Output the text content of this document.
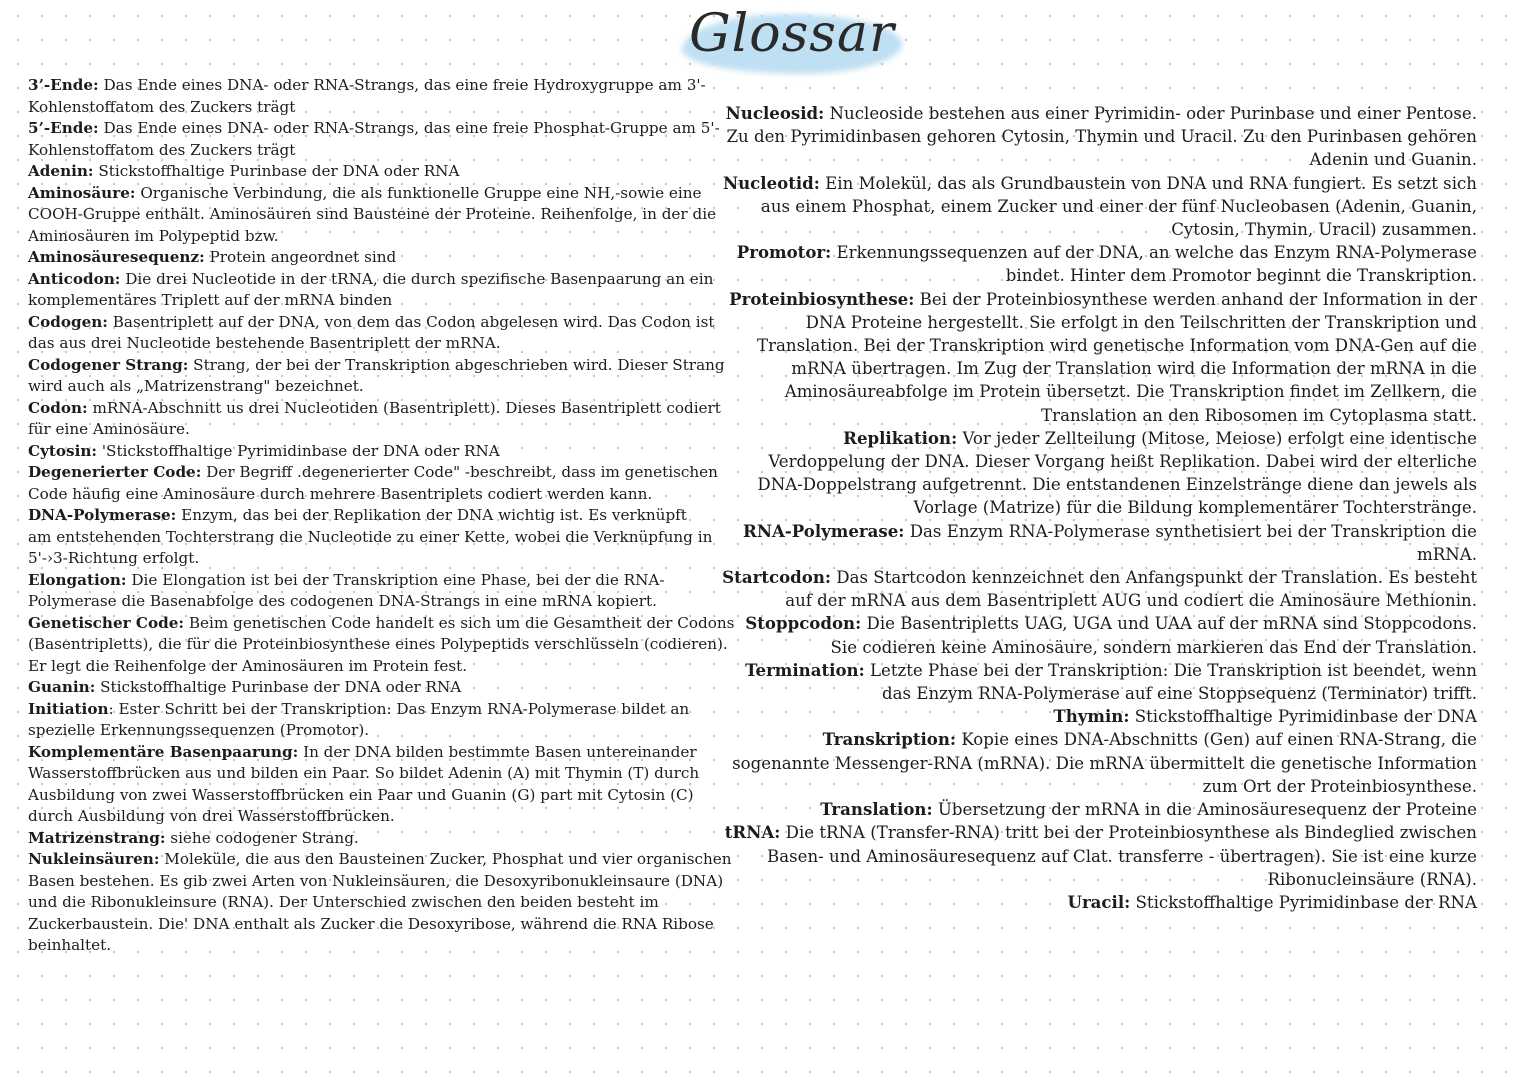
Glossar

3’-Ende: Das Ende eines DNA- oder RNA-Strangs, das eine freie Hydroxygruppe am 3'-Kohlenstoffatom des Zuckers trägt

5’-Ende: Das Ende eines DNA- oder RNA-Strangs, das eine freie Phosphat-Gruppe am 5'-Kohlenstoffatom des Zuckers trägt

Adenin: Stickstoffhaltige Purinbase der DNA oder RNA

Aminosäure: Organische Verbindung, die als funktionelle Gruppe eine NH,-sowie eine COOH-Gruppe enthält. Aminosäuren sind Bausteine der Proteine. Reihenfolge, in der die Aminosäuren im Polypeptid bzw.

Aminosäuresequenz: Protein angeordnet sind

Anticodon: Die drei Nucleotide in der tRNA, die durch spezifische Basenpaarung an ein komplementäres Triplett auf der mRNA binden

Codogen: Basentriplett auf der DNA, von dem das Codon abgelesen wird. Das Codon ist das aus drei Nucleotide bestehende Basentriplett der mRNA.

Codogener Strang: Strang, der bei der Transkription abgeschrieben wird. Dieser Strang wird auch als „Matrizenstrang" bezeichnet.

Codon: mRNA-Abschnitt us drei Nucleotiden (Basentriplett). Dieses Basentriplett codiert für eine Aminosäure.

Cytosin: 'Stickstoffhaltige Pyrimidinbase der DNA oder RNA

Degenerierter Code: Der Begriff .degenerierter Code" -beschreibt, dass im genetischen Code häufig eine Aminosäure durch mehrere Basentriplets codiert werden kann.

DNA-Polymerase: Enzym, das bei der Replikation der DNA wichtig ist. Es verknüpft
am entstehenden Tochterstrang die Nucleotide zu einer Kette, wobei die Verknüpfung in 5'-›3-Richtung erfolgt.

Elongation: Die Elongation ist bei der Transkription eine Phase, bei der die RNA-Polymerase die Basenabfolge des codogenen DNA-Strangs in eine mRNA kopiert.

Genetischer Code: Beim genetischen Code handelt es sich um die Gesamtheit der Codons (Basentripletts), die für die Proteinbiosynthese eines Polypeptids verschlüsseln (codieren). Er legt die Reihenfolge der Aminosäuren im Protein fest.

Guanin: Stickstoffhaltige Purinbase der DNA oder RNA

Initiation: Ester Schritt bei der Transkription: Das Enzym RNA-Polymerase bildet an spezielle Erkennungssequenzen (Promotor).

Komplementäre Basenpaarung: In der DNA bilden bestimmte Basen untereinander Wasserstoffbrücken aus und bilden ein Paar. So bildet Adenin (A) mit Thymin (T) durch Ausbildung von zwei Wasserstoffbrücken ein Paar und Guanin (G) part mit Cytosin (C) durch Ausbildung von drei Wasserstoffbrücken.

Matrizenstrang: siehe codogener Strang.

Nukleinsäuren: Moleküle, die aus den Bausteinen Zucker, Phosphat und vier organischen Basen bestehen. Es gib zwei Arten von Nukleinsäuren, die Desoxyribonukleinsaure (DNA) und die Ribonukleinsure (RNA). Der Unterschied zwischen den beiden besteht im Zuckerbaustein. Die' DNA enthalt als Zucker die Desoxyribose, während die RNA Ribose beinhaltet.

Nucleosid: Nucleoside bestehen aus einer Pyrimidin- oder Purinbase und einer Pentose. Zu den Pyrimidinbasen gehoren Cytosin, Thymin und Uracil. Zu den Purinbasen gehören Adenin und Guanin.

Nucleotid: Ein Molekül, das als Grundbaustein von DNA und RNA fungiert. Es setzt sich aus einem Phosphat, einem Zucker und einer der fünf Nucleobasen (Adenin, Guanin, Cytosin, Thymin, Uracil) zusammen.

Promotor: Erkennungssequenzen auf der DNA, an welche das Enzym RNA-Polymerase bindet. Hinter dem Promotor beginnt die Transkription.

Proteinbiosynthese: Bei der Proteinbiosynthese werden anhand der Information in der DNA Proteine hergestellt. Sie erfolgt in den Teilschritten der Transkription und Translation. Bei der Transkription wird genetische Information vom DNA-Gen auf die mRNA übertragen. Im Zug der Translation wird die Information der mRNA in die Aminosäureabfolge im Protein übersetzt. Die Transkription findet im Zellkern, die Translation an den Ribosomen im Cytoplasma statt.

Replikation: Vor jeder Zellteilung (Mitose, Meiose) erfolgt eine identische Verdoppelung der DNA. Dieser Vorgang heißt Replikation. Dabei wird der elterliche DNA-Doppelstrang aufgetrennt. Die entstandenen Einzelstränge diene dan jewels als Vorlage (Matrize) für die Bildung komplementärer Tochterstränge.

RNA-Polymerase: Das Enzym RNA-Polymerase synthetisiert bei der Transkription die mRNA.

Startcodon: Das Startcodon kennzeichnet den Anfangspunkt der Translation. Es besteht auf der mRNA aus dem Basentriplett AUG und codiert die Aminosäure Methionin.

Stoppcodon: Die Basentripletts UAG, UGA und UAA auf der mRNA sind Stoppcodons. Sie codieren keine Aminosäure, sondern markieren das End der Translation.

Termination: Letzte Phase bei der Transkription: Die Transkription ist beendet, wenn das Enzym RNA-Polymerase auf eine Stoppsequenz (Terminator) trifft.

Thymin: Stickstoffhaltige Pyrimidinbase der DNA

Transkription: Kopie eines DNA-Abschnitts (Gen) auf einen RNA-Strang, die sogenannte Messenger-RNA (mRNA). Die mRNA übermittelt die genetische Information zum Ort der Proteinbiosynthese.

Translation: Übersetzung der mRNA in die Aminosäuresequenz der Proteine

tRNA: Die tRNA (Transfer-RNA) tritt bei der Proteinbiosynthese als Bindeglied zwischen Basen- und Aminosäuresequenz auf Clat. transferre - übertragen). Sie ist eine kurze Ribonucleinsäure (RNA).

Uracil: Stickstoffhaltige Pyrimidinbase der RNA
